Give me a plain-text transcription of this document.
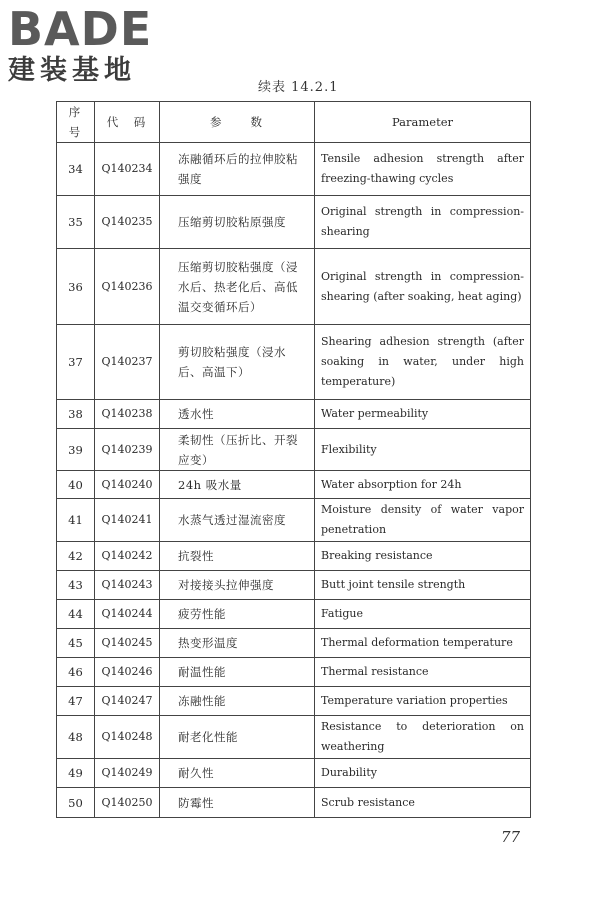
BADE
建装基地
续表 14.2.1
序号	代　码	参　　数	Parameter
34	Q140234	冻融循环后的拉伸胶粘强度	Tensile adhesion strength after freezing-thawing cycles
35	Q140235	压缩剪切胶粘原强度	Original strength in compression-shearing
36	Q140236	压缩剪切胶粘强度（浸水后、热老化后、高低温交变循环后）	Original strength in compression-shearing (after soaking, heat aging)
37	Q140237	剪切胶粘强度（浸水后、高温下）	Shearing adhesion strength (after soaking in water, under high temperature)
38	Q140238	透水性	Water permeability
39	Q140239	柔韧性（压折比、开裂应变）	Flexibility
40	Q140240	24h 吸水量	Water absorption for 24h
41	Q140241	水蒸气透过湿流密度	Moisture density of water vapor penetration
42	Q140242	抗裂性	Breaking resistance
43	Q140243	对接接头拉伸强度	Butt joint tensile strength
44	Q140244	疲劳性能	Fatigue
45	Q140245	热变形温度	Thermal deformation temperature
46	Q140246	耐温性能	Thermal resistance
47	Q140247	冻融性能	Temperature variation properties
48	Q140248	耐老化性能	Resistance to deterioration on weathering
49	Q140249	耐久性	Durability
50	Q140250	防霉性	Scrub resistance
77
